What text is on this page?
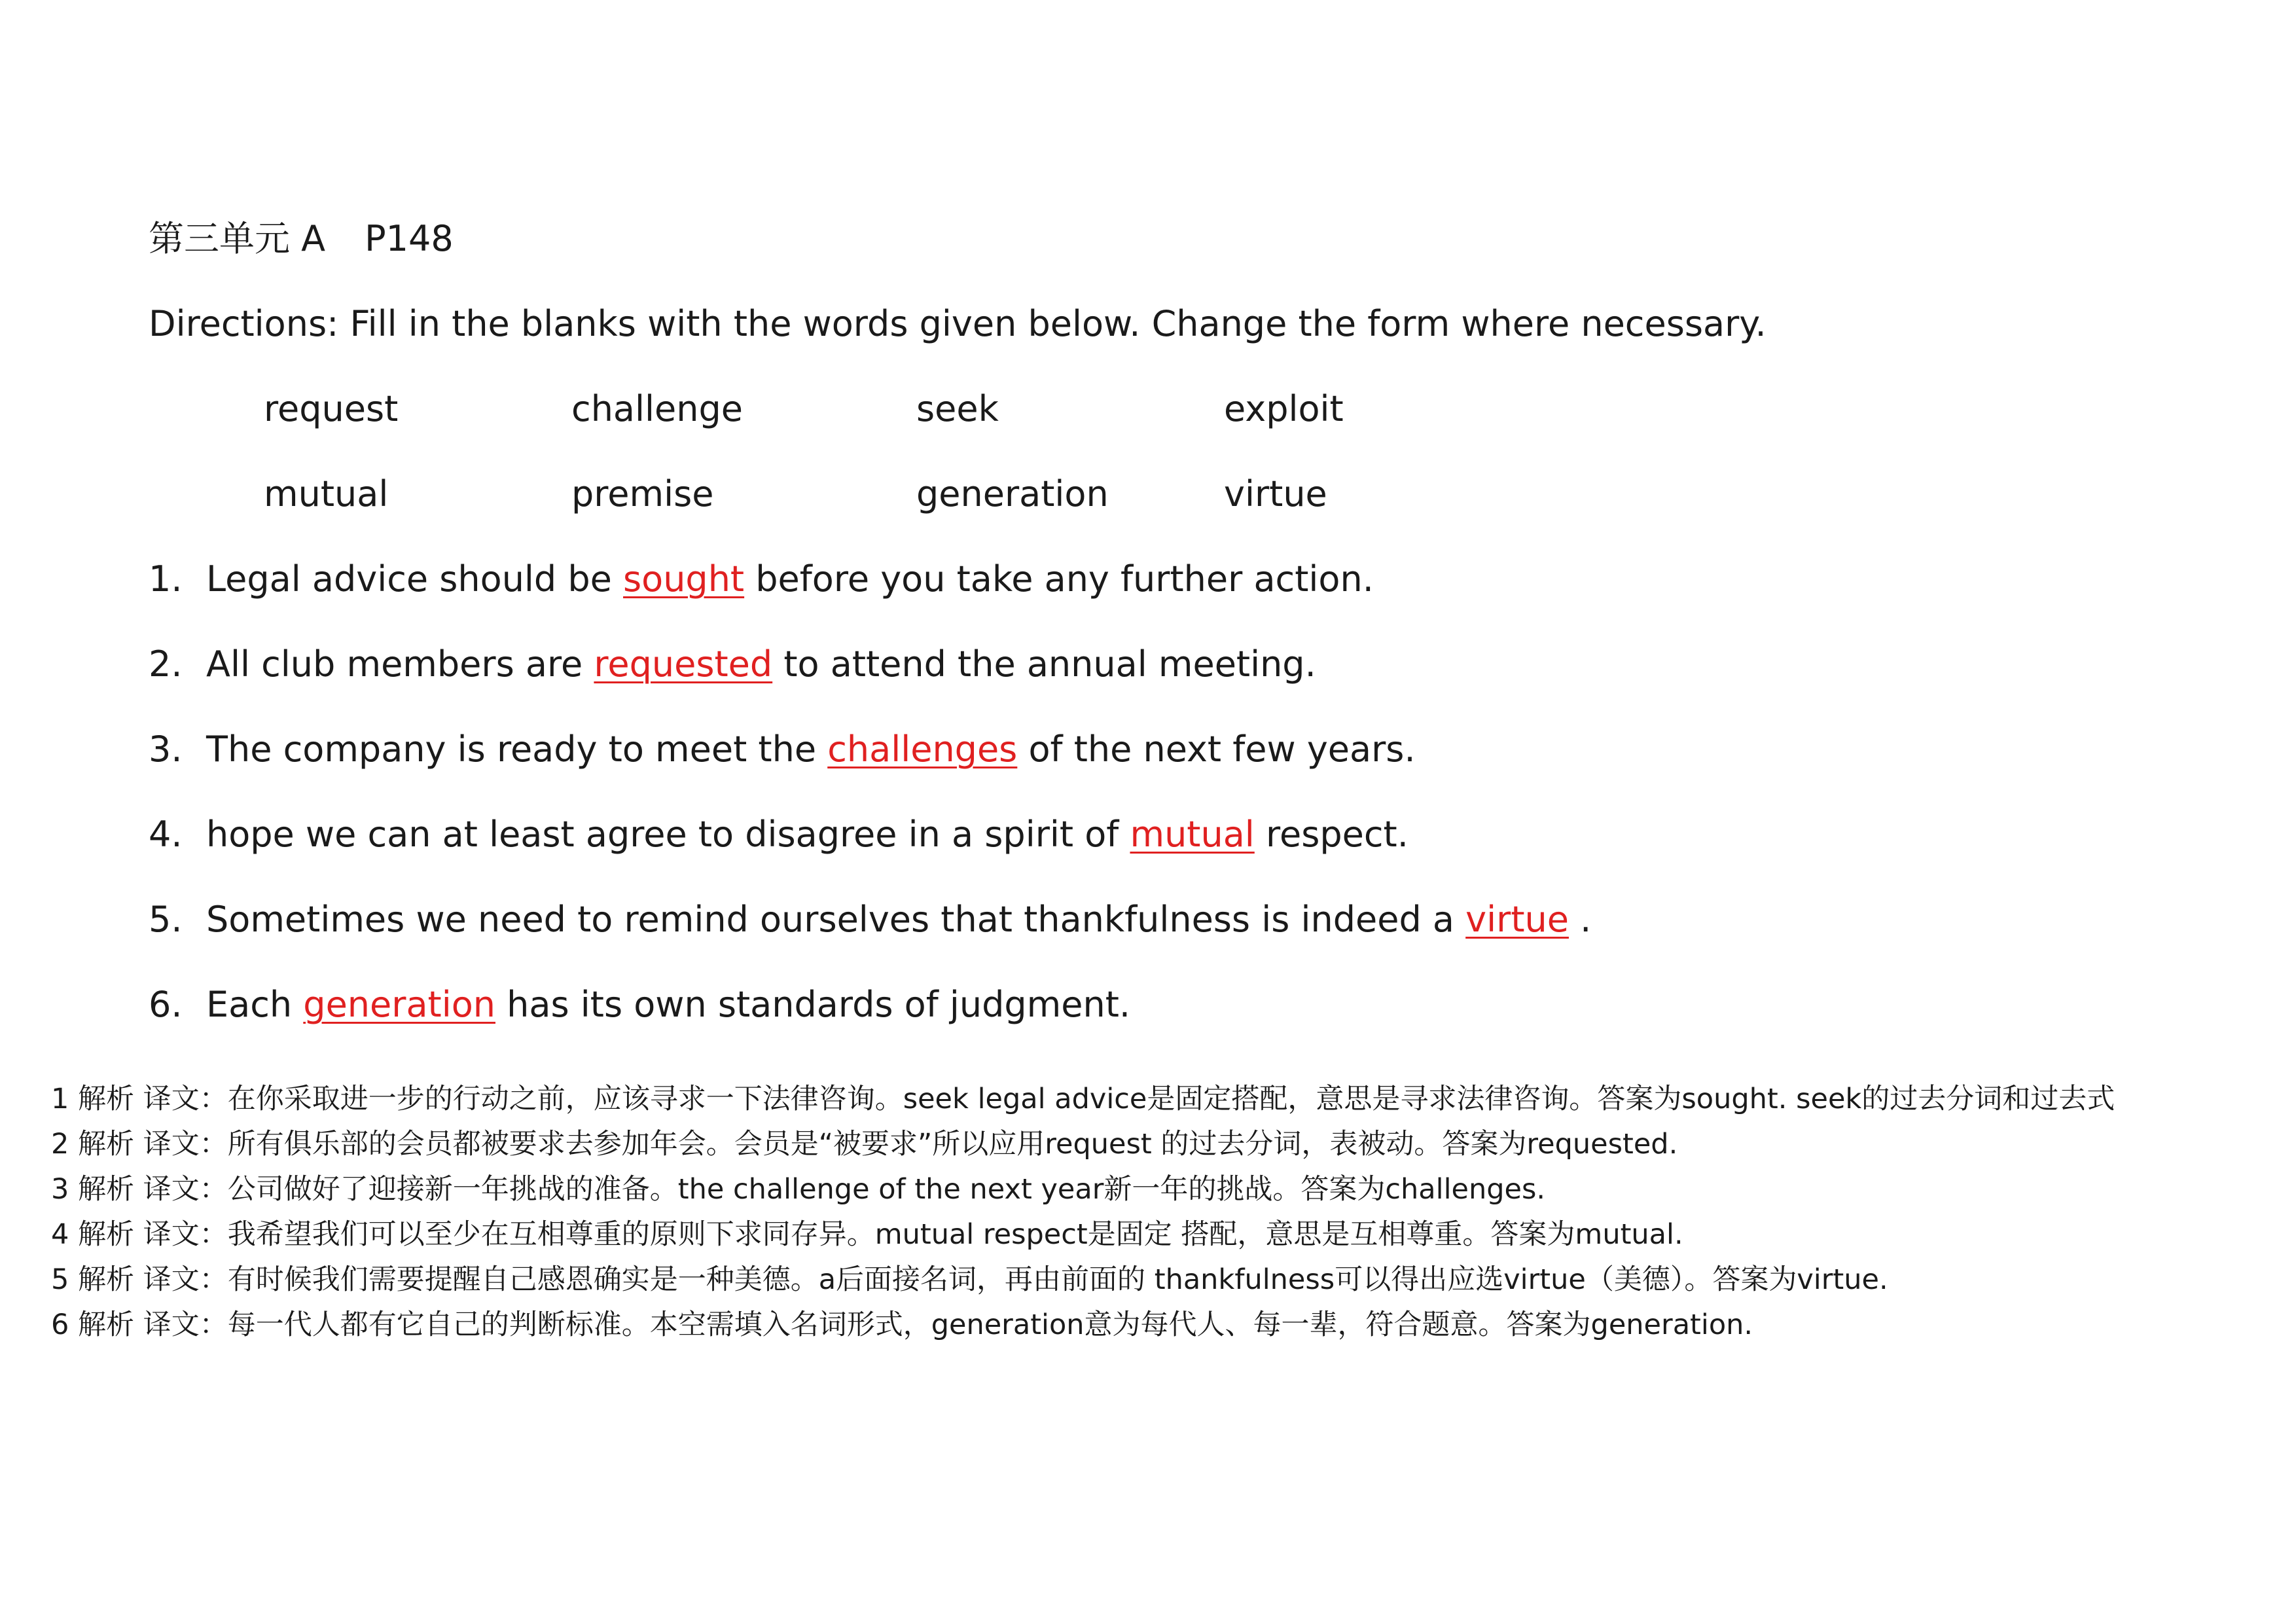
第三单元 A P148
Directions: Fill in the blanks with the words given below. Change the form where necessary.
request	challenge	seek	exploit
mutual	premise	generation	virtue
1. Legal advice should be sought before you take any further action.
2. All club members are requested to attend the annual meeting.
3. The company is ready to meet the challenges of the next few years.
4. hope we can at least agree to disagree in a spirit of mutual respect.
5. Sometimes we need to remind ourselves that thankfulness is indeed a virtue .
6. Each generation has its own standards of judgment.
1 解析 译文：在你采取进一步的行动之前，应该寻求一下法律咨询。seek legal advice是固定搭配，意思是寻求法律咨询。答案为sought. seek的过去分词和过去式
2 解析 译文：所有俱乐部的会员都被要求去参加年会。会员是“被要求”所以应用request 的过去分词，表被动。答案为requested.
3 解析 译文：公司做好了迎接新一年挑战的准备。the challenge of the next year新一年的挑战。答案为challenges.
4 解析 译文：我希望我们可以至少在互相尊重的原则下求同存异。mutual respect是固定 搭配，意思是互相尊重。答案为mutual.
5 解析 译文：有时候我们需要提醒自己感恩确实是一种美德。a后面接名词，再由前面的 thankfulness可以得出应选virtue（美德）。答案为virtue.
6 解析 译文：每一代人都有它自己的判断标准。本空需填入名词形式，generation意为每代人、每一辈，符合题意。答案为generation.
